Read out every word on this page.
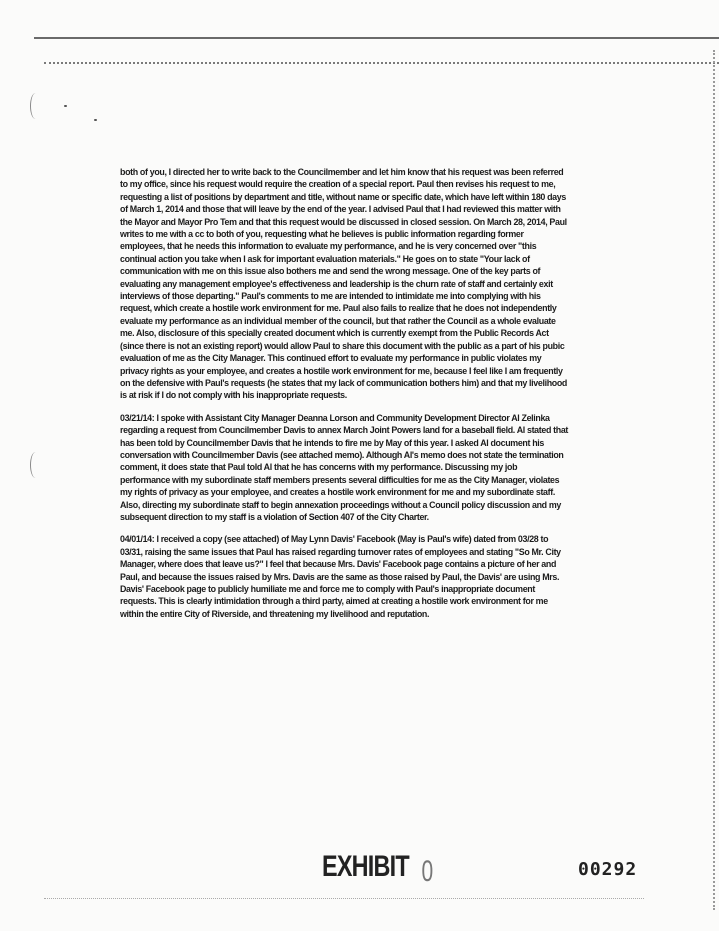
both of you, I directed her to write back to the Councilmember and let him know that his request was been referred to my office, since his request would require the creation of a special report. Paul then revises his request to me, requesting a list of positions by department and title, without name or specific date, which have left within 180 days of March 1, 2014 and those that will leave by the end of the year. I advised Paul that I had reviewed this matter with the Mayor and Mayor Pro Tem and that this request would be discussed in closed session. On March 28, 2014, Paul writes to me with a cc to both of you, requesting what he believes is public information regarding former employees, that he needs this information to evaluate my performance, and he is very concerned over "this continual action you take when I ask for important evaluation materials." He goes on to state "Your lack of communication with me on this issue also bothers me and send the wrong message. One of the key parts of evaluating any management employee's effectiveness and leadership is the churn rate of staff and certainly exit interviews of those departing." Paul's comments to me are intended to intimidate me into complying with his request, which create a hostile work environment for me. Paul also fails to realize that he does not independently evaluate my performance as an individual member of the council, but that rather the Council as a whole evaluate me. Also, disclosure of this specially created document which is currently exempt from the Public Records Act (since there is not an existing report) would allow Paul to share this document with the public as a part of his pubic evaluation of me as the City Manager. This continued effort to evaluate my performance in public violates my privacy rights as your employee, and creates a hostile work environment for me, because I feel like I am frequently on the defensive with Paul's requests (he states that my lack of communication bothers him) and that my livelihood is at risk if I do not comply with his inappropriate requests.

03/21/14: I spoke with Assistant City Manager Deanna Lorson and Community Development Director Al Zelinka regarding a request from Councilmember Davis to annex March Joint Powers land for a baseball field. Al stated that has been told by Councilmember Davis that he intends to fire me by May of this year. I asked Al document his conversation with Councilmember Davis (see attached memo). Although Al's memo does not state the termination comment, it does state that Paul told Al that he has concerns with my performance. Discussing my job performance with my subordinate staff members presents several difficulties for me as the City Manager, violates my rights of privacy as your employee, and creates a hostile work environment for me and my subordinate staff. Also, directing my subordinate staff to begin annexation proceedings without a Council policy discussion and my subsequent direction to my staff is a violation of Section 407 of the City Charter.

04/01/14: I received a copy (see attached) of May Lynn Davis' Facebook (May is Paul's wife) dated from 03/28 to 03/31, raising the same issues that Paul has raised regarding turnover rates of employees and stating "So Mr. City Manager, where does that leave us?" I feel that because Mrs. Davis' Facebook page contains a picture of her and Paul, and because the issues raised by Mrs. Davis are the same as those raised by Paul, the Davis' are using Mrs. Davis' Facebook page to publicly humiliate me and force me to comply with Paul's inappropriate document requests. This is clearly intimidation through a third party, aimed at creating a hostile work environment for me within the entire City of Riverside, and threatening my livelihood and reputation.

EXHIBIT 0	00292
